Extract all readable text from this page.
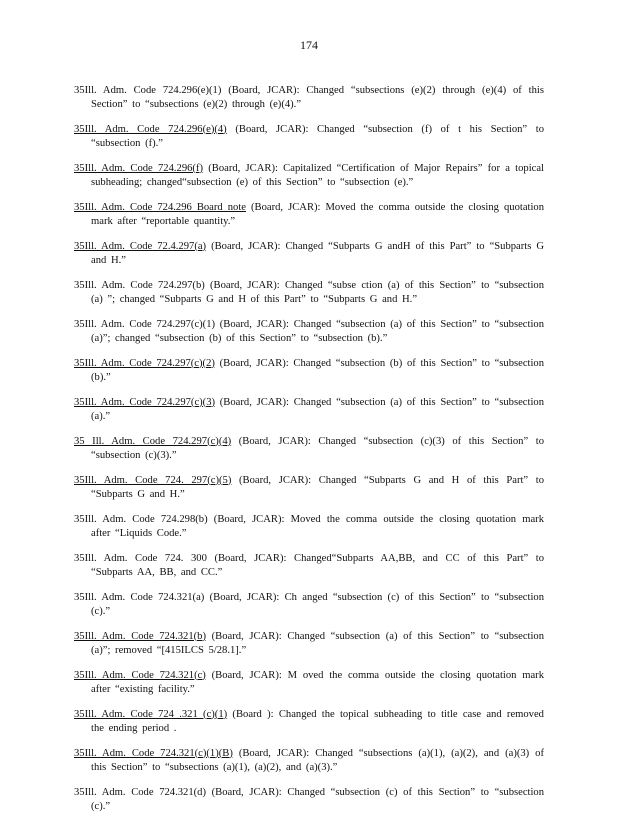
174

35Ill. Adm. Code 724.296(e)(1) (Board, JCAR): Changed “subsections (e)(2) through (e)(4) of this Section” to “subsections (e)(2) through (e)(4).”

35Ill. Adm. Code 724.296(e)(4) (Board, JCAR): Changed “subsection (f) of t his Section” to “subsection (f).”

35Ill. Adm. Code 724.296(f) (Board, JCAR): Capitalized “Certification of Major Repairs” for a topical subheading; changed“subsection (e) of this Section” to “subsection (e).”

35Ill. Adm. Code 724.296 Board note (Board, JCAR): Moved the comma outside the closing quotation mark after “reportable quantity.”

35Ill. Adm. Code 72.4.297(a) (Board, JCAR): Changed “Subparts G andH of this Part” to “Subparts G and H.”

35Ill. Adm. Code 724.297(b) (Board, JCAR): Changed “subse ction (a) of this Section” to “subsection (a) ”; changed “Subparts G and H of this Part” to “Subparts G and H.”

35Ill. Adm. Code 724.297(c)(1) (Board, JCAR): Changed “subsection (a) of this Section” to “subsection (a)”; changed “subsection (b) of this Section” to “subsection (b).”

35Ill. Adm. Code 724.297(c)(2) (Board, JCAR): Changed “subsection (b) of this Section” to “subsection (b).”

35Ill. Adm. Code 724.297(c)(3) (Board, JCAR): Changed “subsection (a) of this Section” to “subsection (a).”

35 Ill. Adm. Code 724.297(c)(4) (Board, JCAR): Changed “subsection (c)(3) of this Section” to “subsection (c)(3).”

35Ill. Adm. Code 724. 297(c)(5) (Board, JCAR): Changed “Subparts G and H of this Part” to “Subparts G and H.”

35Ill. Adm. Code 724.298(b) (Board, JCAR): Moved the comma outside the closing quotation mark after “Liquids Code.”

35Ill. Adm. Code 724. 300 (Board, JCAR): Changed“Subparts AA,BB, and CC of this Part” to “Subparts AA, BB, and CC.”

35Ill. Adm. Code 724.321(a) (Board, JCAR): Ch anged “subsection (c) of this Section” to “subsection (c).”

35Ill. Adm. Code 724.321(b) (Board, JCAR): Changed “subsection (a) of this Section” to “subsection (a)”; removed “[415ILCS 5/28.1].”

35Ill. Adm. Code 724.321(c) (Board, JCAR): M oved the comma outside the closing quotation mark after “existing facility.”

35Ill. Adm. Code 724 .321 (c)(1) (Board ): Changed the topical subheading to title case and removed the ending period .

35Ill. Adm. Code 724.321(c)(1)(B) (Board, JCAR): Changed “subsections (a)(1), (a)(2), and (a)(3) of this Section” to “subsections (a)(1), (a)(2), and (a)(3).”

35Ill. Adm. Code 724.321(d) (Board, JCAR): Changed “subsection (c) of this Section” to “subsection (c).”
